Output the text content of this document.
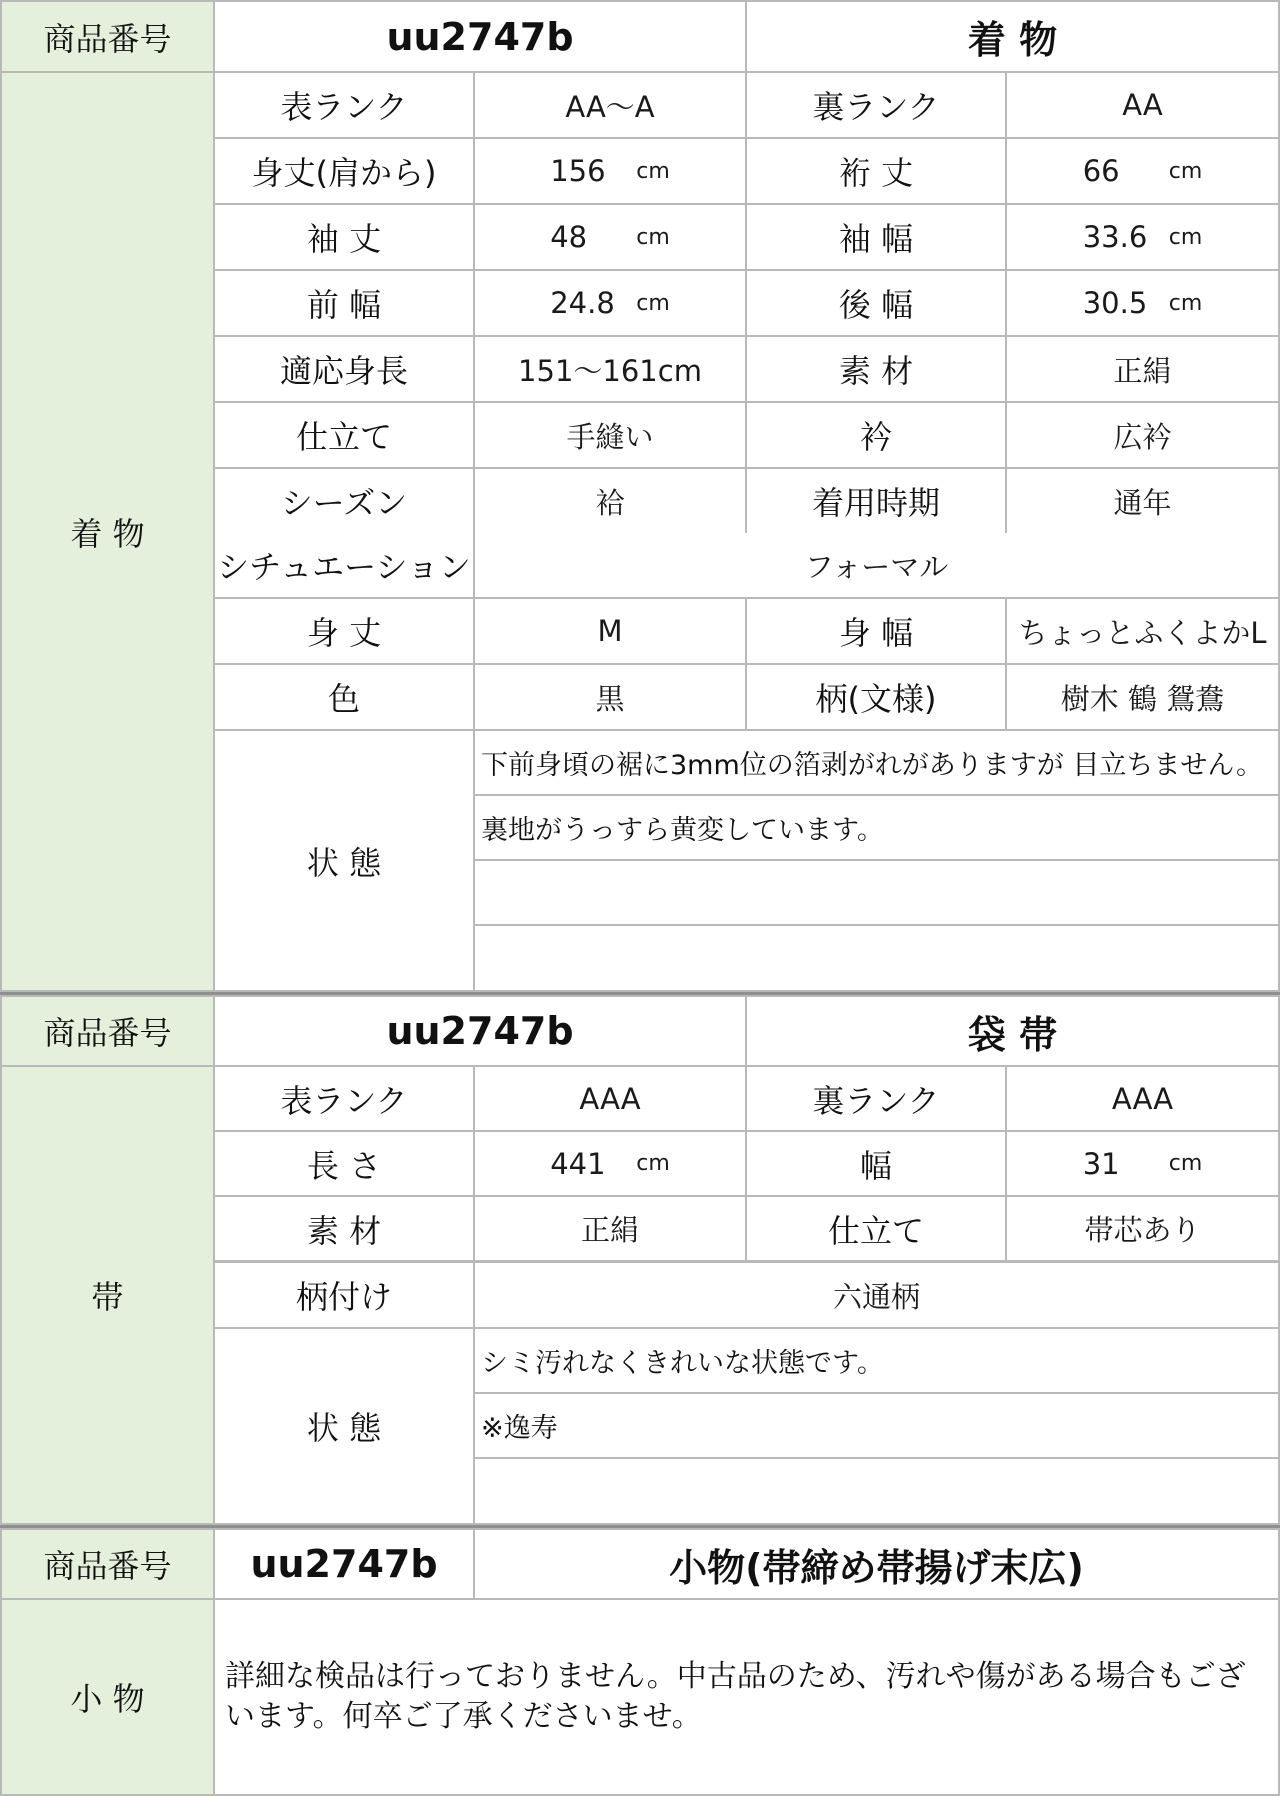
商品番号	uu2747b	着 物
着 物
表ランク	AA〜A	裏ランク	AA
身丈(肩から)	156 cm	裄 丈	66	cm
袖 丈	48	cm	袖 幅	33.6 cm
前 幅	24.8 cm	後 幅	30.5 cm
適応身長	151〜161cm	素 材	正絹
仕立て	手縫い	衿	広衿
シーズン	袷	着用時期	通年
シチュエーション	フォーマル
身 丈	M	身 幅	ちょっとふくよかL
色	黒	柄(文様)	樹木 鶴 鴛鴦
状 態
下前身頃の裾に3mm位の箔剥がれがありますが 目立ちません。
裏地がうっすら黄変しています。
商品番号	uu2747b	袋 帯
帯
表ランク	AAA	裏ランク	AAA
長 さ	441 cm	幅	31	cm
素 材	正絹	仕立て	帯芯あり
柄付け	六通柄
状 態
シミ汚れなくきれいな状態です。
※逸寿
商品番号	uu2747b	小物(帯締め帯揚げ末広)
小 物
詳細な検品は行っておりません。中古品のため、汚れや傷がある場合もございます。何卒ご了承くださいませ。
